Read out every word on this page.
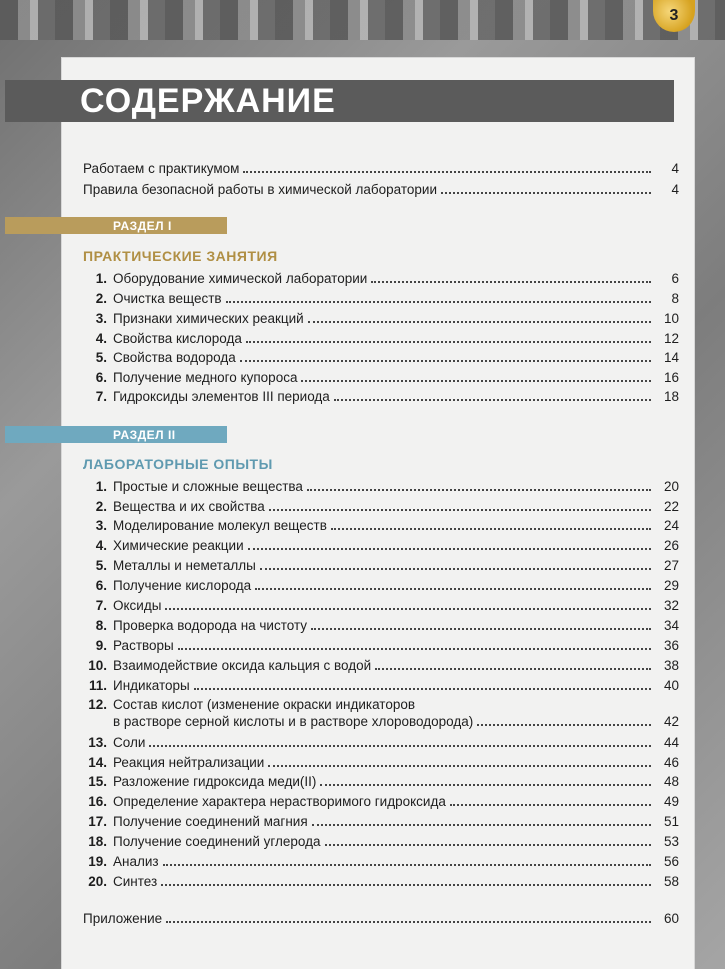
3
СОДЕРЖАНИЕ
Работаем с практикумом	4
Правила безопасной работы в химической лаборатории	4
РАЗДЕЛ I
ПРАКТИЧЕСКИЕ ЗАНЯТИЯ
1. Оборудование химической лаборатории	6
2. Очистка веществ	8
3. Признаки химических реакций	10
4. Свойства кислорода	12
5. Свойства водорода	14
6. Получение медного купороса	16
7. Гидроксиды элементов III периода	18
РАЗДЕЛ II
ЛАБОРАТОРНЫЕ ОПЫТЫ
1. Простые и сложные вещества	20
2. Вещества и их свойства	22
3. Моделирование молекул веществ	24
4. Химические реакции	26
5. Металлы и неметаллы	27
6. Получение кислорода	29
7. Оксиды	32
8. Проверка водорода на чистоту	34
9. Растворы	36
10. Взаимодействие оксида кальция с водой	38
11. Индикаторы	40
12. Состав кислот (изменение окраски индикаторов
в растворе серной кислоты и в растворе хлороводорода)	42
13. Соли	44
14. Реакция нейтрализации	46
15. Разложение гидроксида меди(II)	48
16. Определение характера нерастворимого гидроксида	49
17. Получение соединений магния	51
18. Получение соединений углерода	53
19. Анализ	56
20. Синтез	58
Приложение	60
